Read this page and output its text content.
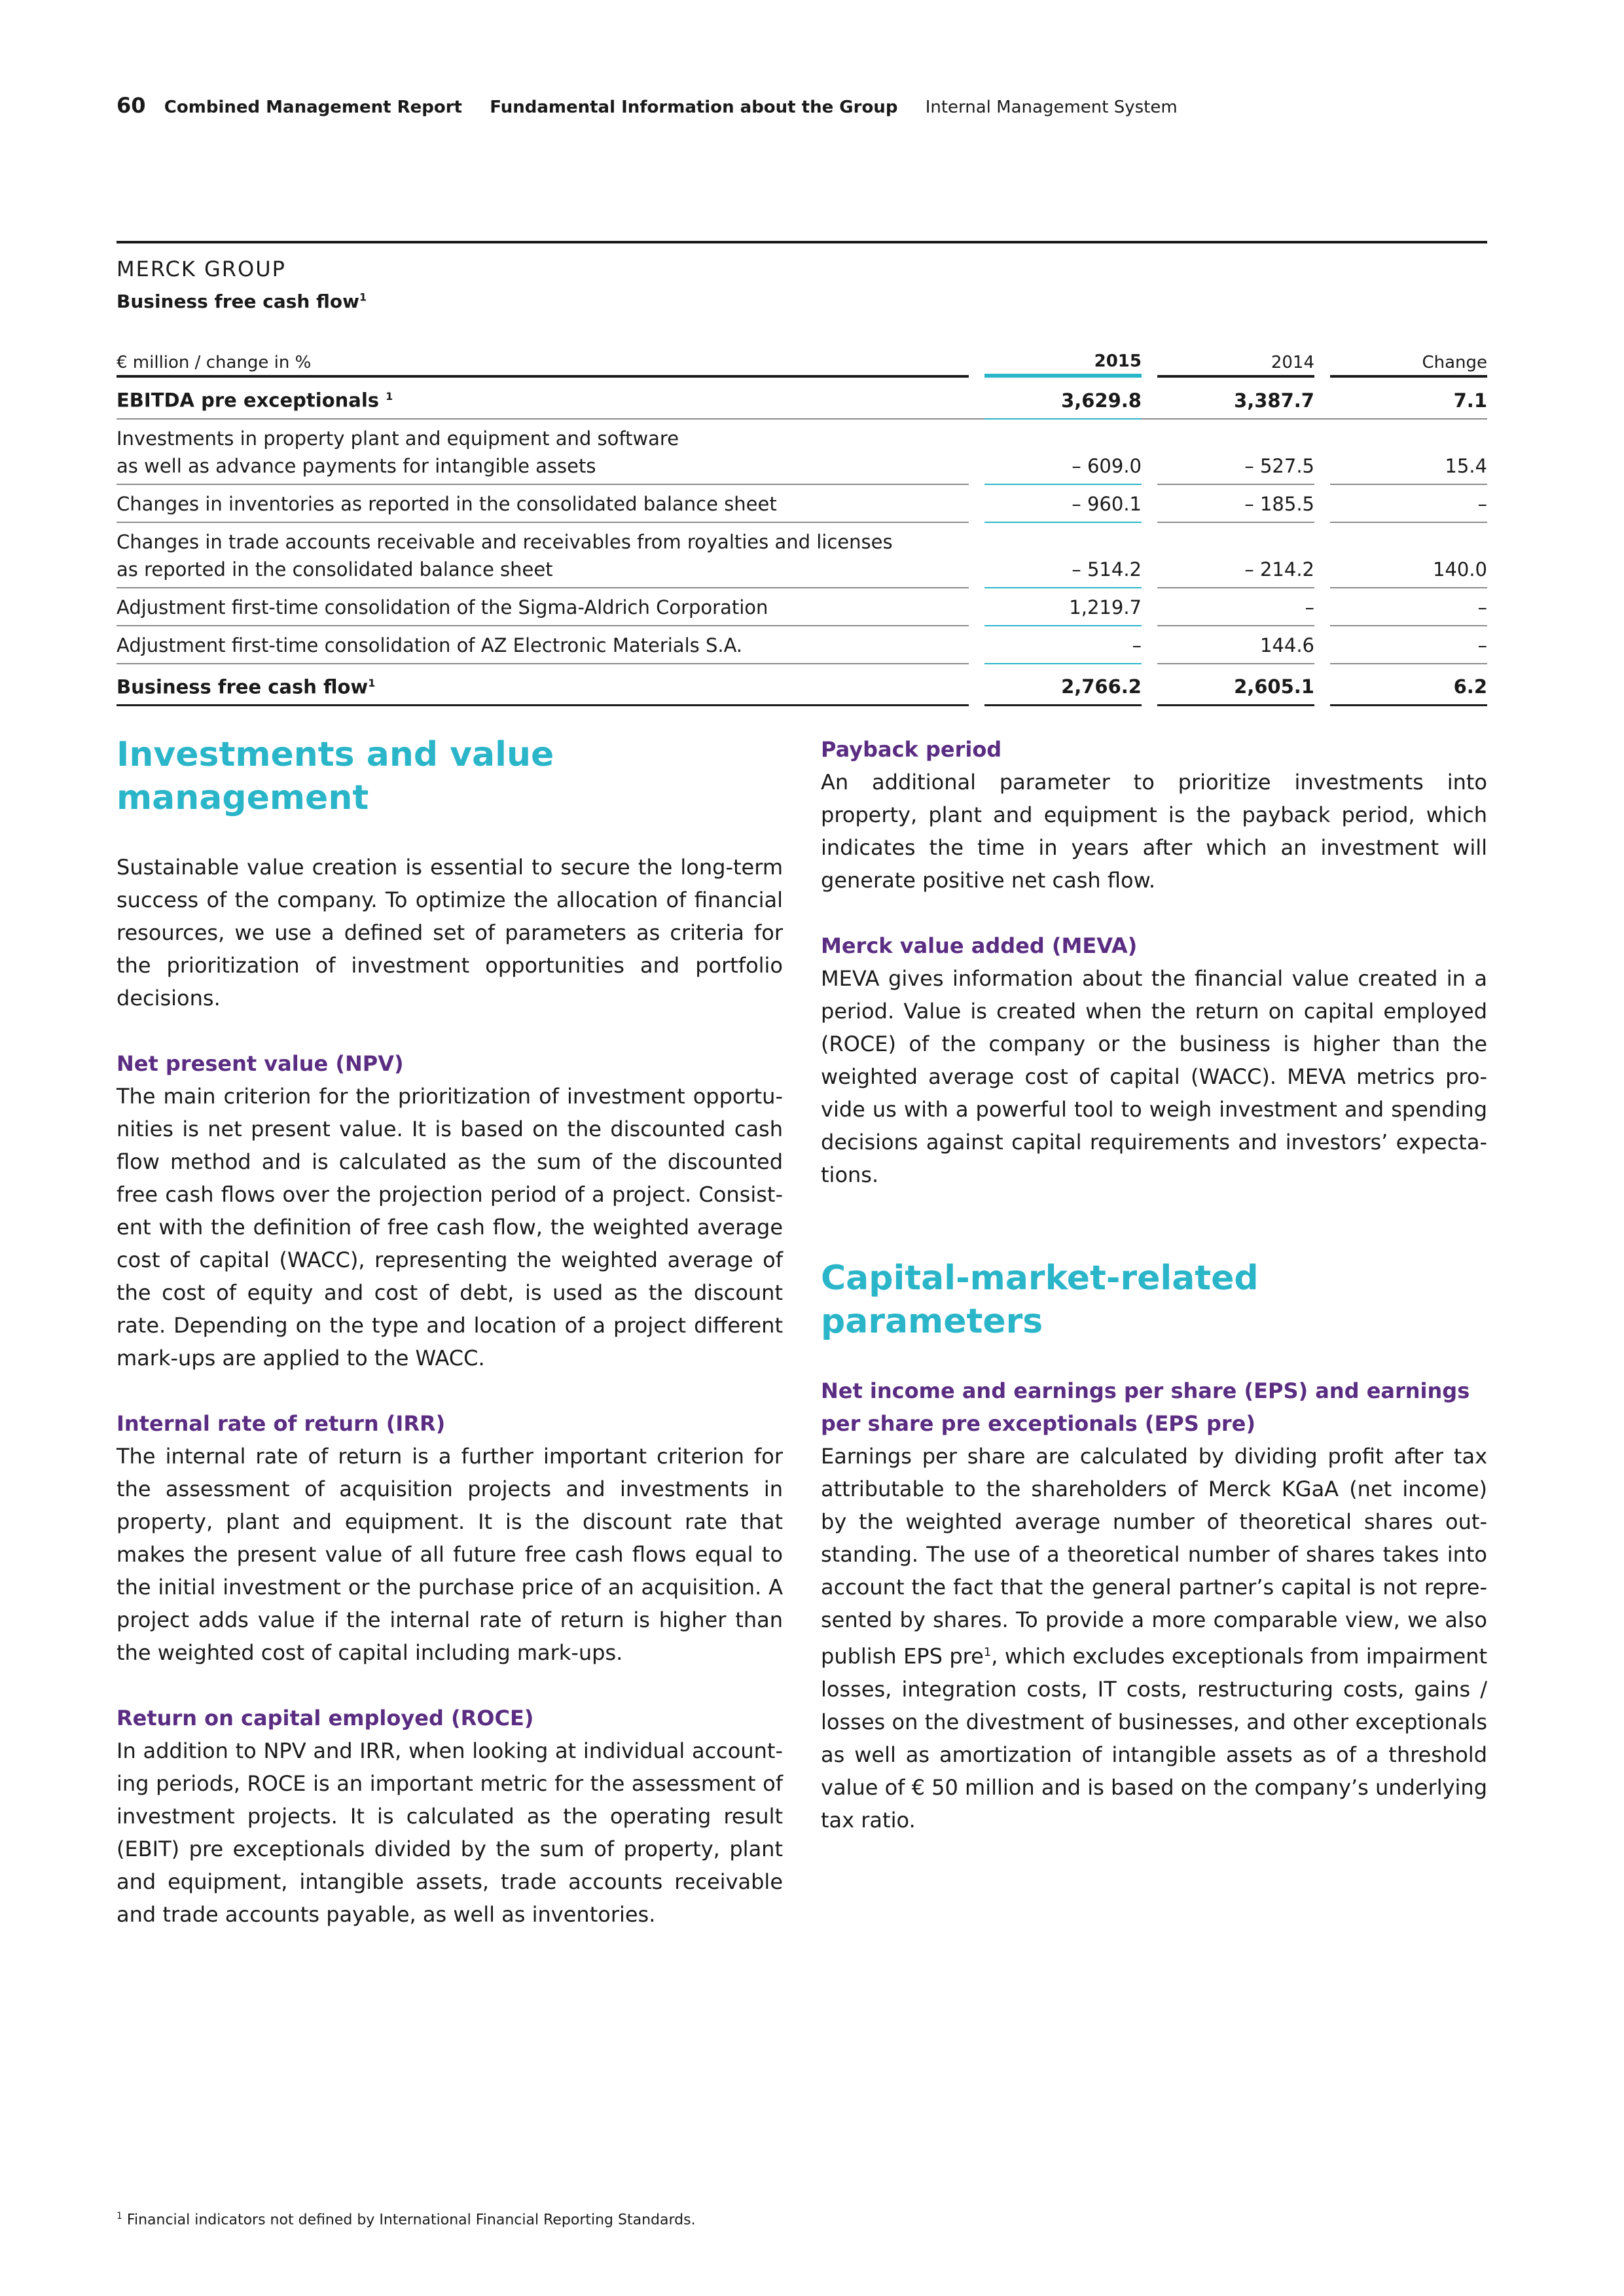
60 Combined Management Report Fundamental Information about the Group Internal Management System
MERCK GROUP
Business free cash flow$^1$
€ million / change in %		2015		2014		Change
EBITDA pre exceptionals $^1$		3,629.8		3,387.7		7.1
Investments in property plant and equipment and software
as well as advance payments for intangible assets		– 609.0		– 527.5		15.4
Changes in inventories as reported in the consolidated balance sheet		– 960.1		– 185.5		–
Changes in trade accounts receivable and receivables from royalties and licenses
as reported in the consolidated balance sheet		– 514.2		– 214.2		140.0
Adjustment first-time consolidation of the Sigma-Aldrich Corporation		1,219.7		–		–
Adjustment first-time consolidation of AZ Electronic Materials S.A.		–		144.6		–
Business free cash flow$^1$		2,766.2		2,605.1		6.2
Investments and value management

Sustainable value creation is essential to secure the long-term success of the company. To optimize the allocation of financial resources, we use a defined set of parameters as criteria for the prioritization of investment opportunities and portfolio decisions.

Net present value (NPV)

The main criterion for the prioritization of investment opportunities is net present value. It is based on the discounted cash flow method and is calculated as the sum of the discounted free cash flows over the projection period of a project. Consistent with the definition of free cash flow, the weighted average cost of capital (WACC), representing the weighted average of the cost of equity and cost of debt, is used as the discount rate. Depending on the type and location of a project different mark-ups are applied to the WACC.

Internal rate of return (IRR)

The internal rate of return is a further important criterion for the assessment of acquisition projects and investments in property, plant and equipment. It is the discount rate that makes the present value of all future free cash flows equal to the initial investment or the purchase price of an acquisition. A project adds value if the internal rate of return is higher than the weighted cost of capital including mark-ups.

Return on capital employed (ROCE)

In addition to NPV and IRR, when looking at individual accounting periods, ROCE is an important metric for the assessment of investment projects. It is calculated as the operating result (EBIT) pre exceptionals divided by the sum of property, plant and equipment, intangible assets, trade accounts receivable and trade accounts payable, as well as inventories.

Payback period

An additional parameter to prioritize investments into property, plant and equipment is the payback period, which indicates the time in years after which an investment will generate positive net cash flow.

Merck value added (MEVA)

MEVA gives information about the financial value created in a period. Value is created when the return on capital employed (ROCE) of the company or the business is higher than the weighted average cost of capital (WACC). MEVA metrics provide us with a powerful tool to weigh investment and spending decisions against capital requirements and investors’ expectations.

Capital-market-related parameters
Net income and earnings per share (EPS) and earnings per share pre exceptionals (EPS pre)

Earnings per share are calculated by dividing profit after tax attributable to the shareholders of Merck KGaA (net income) by the weighted average number of theoretical shares outstanding. The use of a theoretical number of shares takes into account the fact that the general partner’s capital is not represented by shares. To provide a more comparable view, we also publish EPS pre$^1$, which excludes exceptionals from impairment losses, integration costs, IT costs, restructuring costs, gains / losses on the divestment of businesses, and other exceptionals as well as amortization of intangible assets as of a threshold value of € 50 million and is based on the company’s underlying tax ratio.

$^1$ Financial indicators not defined by International Financial Reporting Standards.
